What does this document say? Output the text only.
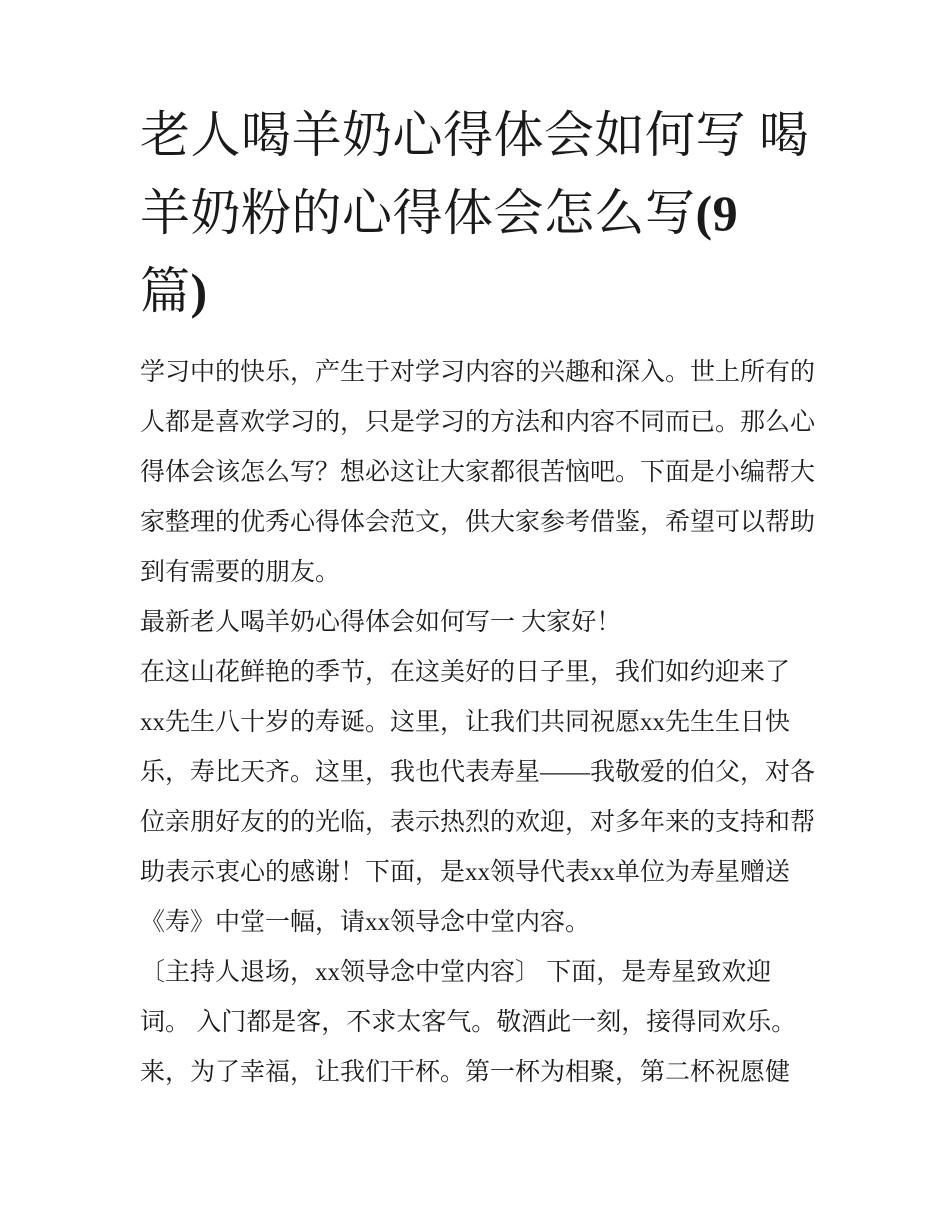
老人喝羊奶心得体会如何写 喝
羊奶粉的心得体会怎么写(9
篇)
学习中的快乐，产生于对学习内容的兴趣和深入。世上所有的
人都是喜欢学习的，只是学习的方法和内容不同而已。那么心
得体会该怎么写？想必这让大家都很苦恼吧。下面是小编帮大
家整理的优秀心得体会范文，供大家参考借鉴，希望可以帮助
到有需要的朋友。
最新老人喝羊奶心得体会如何写一 大家好！
在这山花鲜艳的季节，在这美好的日子里，我们如约迎来了
xx先生八十岁的寿诞。这里，让我们共同祝愿xx先生生日快
乐，寿比天齐。这里，我也代表寿星——我敬爱的伯父，对各
位亲朋好友的的光临，表示热烈的欢迎，对多年来的支持和帮
助表示衷心的感谢！下面，是xx领导代表xx单位为寿星赠送
《寿》中堂一幅，请xx领导念中堂内容。
〔主持人退场，xx领导念中堂内容〕 下面，是寿星致欢迎
词。 入门都是客，不求太客气。敬酒此一刻，接得同欢乐。
来，为了幸福，让我们干杯。第一杯为相聚，第二杯祝愿健
